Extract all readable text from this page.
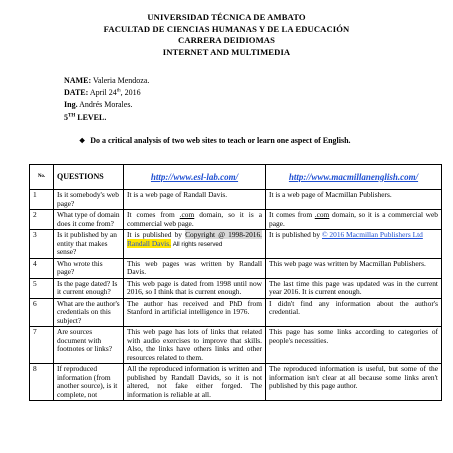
UNIVERSIDAD TÉCNICA DE AMBATO
FACULTAD DE CIENCIAS HUMANAS Y DE LA EDUCACIÓN
CARRERA DEIDIOMAS
INTERNET AND MULTIMEDIA
NAME: Valeria Mendoza.
DATE: April 24th, 2016
Ing. Andrés Morales.
5TH LEVEL.
❖ Do a critical analysis of two web sites to teach or learn one aspect of English.
No.	QUESTIONS	http://www.esl-lab.com/	http://www.macmillanenglish.com/
1	Is it somebody's web page?	It is a web page of Randall Davis.	It is a web page of Macmillan Publishers.
2	What type of domain does it come from?	It comes from .com domain, so it is a commercial web page.	It comes from .com domain, so it is a commercial web page.
3	Is it published by an entity that makes sense?	It is published by Copyright @ 1998-2016. Randall Davis. All rights reserved	It is published by © 2016 Macmillan Publishers Ltd
4	Who wrote this page?	This web pages was written by Randall Davis.	This web page was written by Macmillan Publishers.
5	Is the page dated? Is it current enough?	This web page is dated from 1998 until now 2016, so I think that is current enough.	The last time this page was updated was in the current year 2016. It is current enough.
6	What are the author's credentials on this subject?	The author has received and PhD from Stanford in artificial intelligence in 1976.	I didn't find any information about the author's credential.
7	Are sources document with footnotes or links?	This web page has lots of links that related with audio exercises to improve that skills. Also, the links have others links and other resources related to them.	This page has some links according to categories of people's necessities.
8	If reproduced information (from another source), is it complete, not	All the reproduced information is written and published by Randall Davids, so it is not altered, not fake either forged. The information is reliable at all.	The reproduced information is useful, but some of the information isn't clear at all because some links aren't published by this page author.
